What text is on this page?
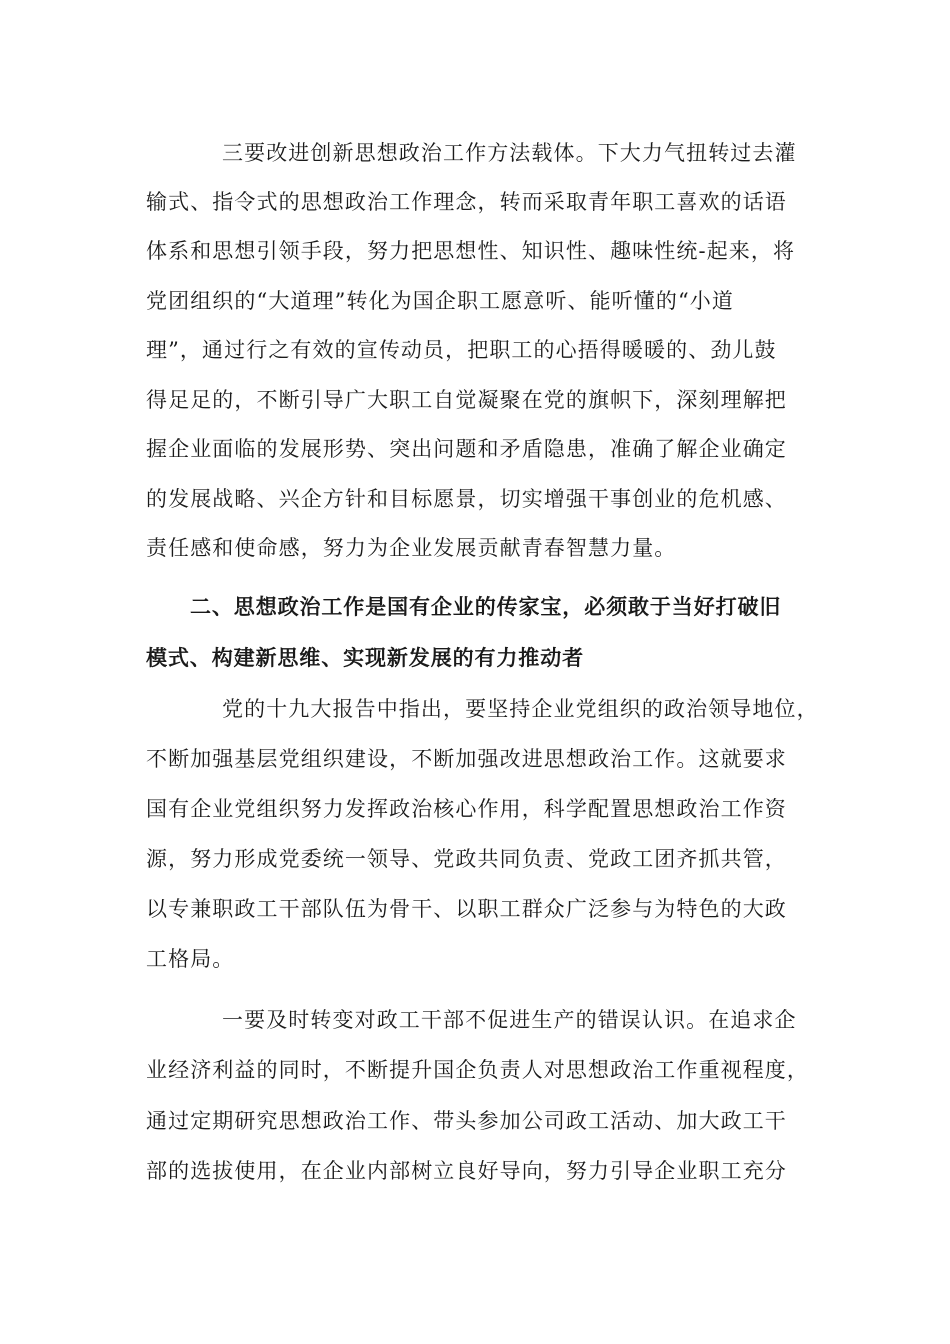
三要改进创新思想政治工作方法载体。下大力气扭转过去灌
输式、指令式的思想政治工作理念，转而采取青年职工喜欢的话语
体系和思想引领手段，努力把思想性、知识性、趣味性统-起来，将
党团组织的“大道理”转化为国企职工愿意听、能听懂的“小道
理”，通过行之有效的宣传动员，把职工的心捂得暖暖的、劲儿鼓
得足足的，不断引导广大职工自觉凝聚在党的旗帜下，深刻理解把
握企业面临的发展形势、突出问题和矛盾隐患，准确了解企业确定
的发展战略、兴企方针和目标愿景，切实增强干事创业的危机感、
责任感和使命感，努力为企业发展贡献青春智慧力量。
二、思想政治工作是国有企业的传家宝，必须敢于当好打破旧
模式、构建新思维、实现新发展的有力推动者
党的十九大报告中指出，要坚持企业党组织的政治领导地位，
不断加强基层党组织建设，不断加强改进思想政治工作。这就要求
国有企业党组织努力发挥政治核心作用，科学配置思想政治工作资
源，努力形成党委统一领导、党政共同负责、党政工团齐抓共管，
以专兼职政工干部队伍为骨干、以职工群众广泛参与为特色的大政
工格局。
一要及时转变对政工干部不促进生产的错误认识。在追求企
业经济利益的同时，不断提升国企负责人对思想政治工作重视程度，
通过定期研究思想政治工作、带头参加公司政工活动、加大政工干
部的选拔使用，在企业内部树立良好导向，努力引导企业职工充分
